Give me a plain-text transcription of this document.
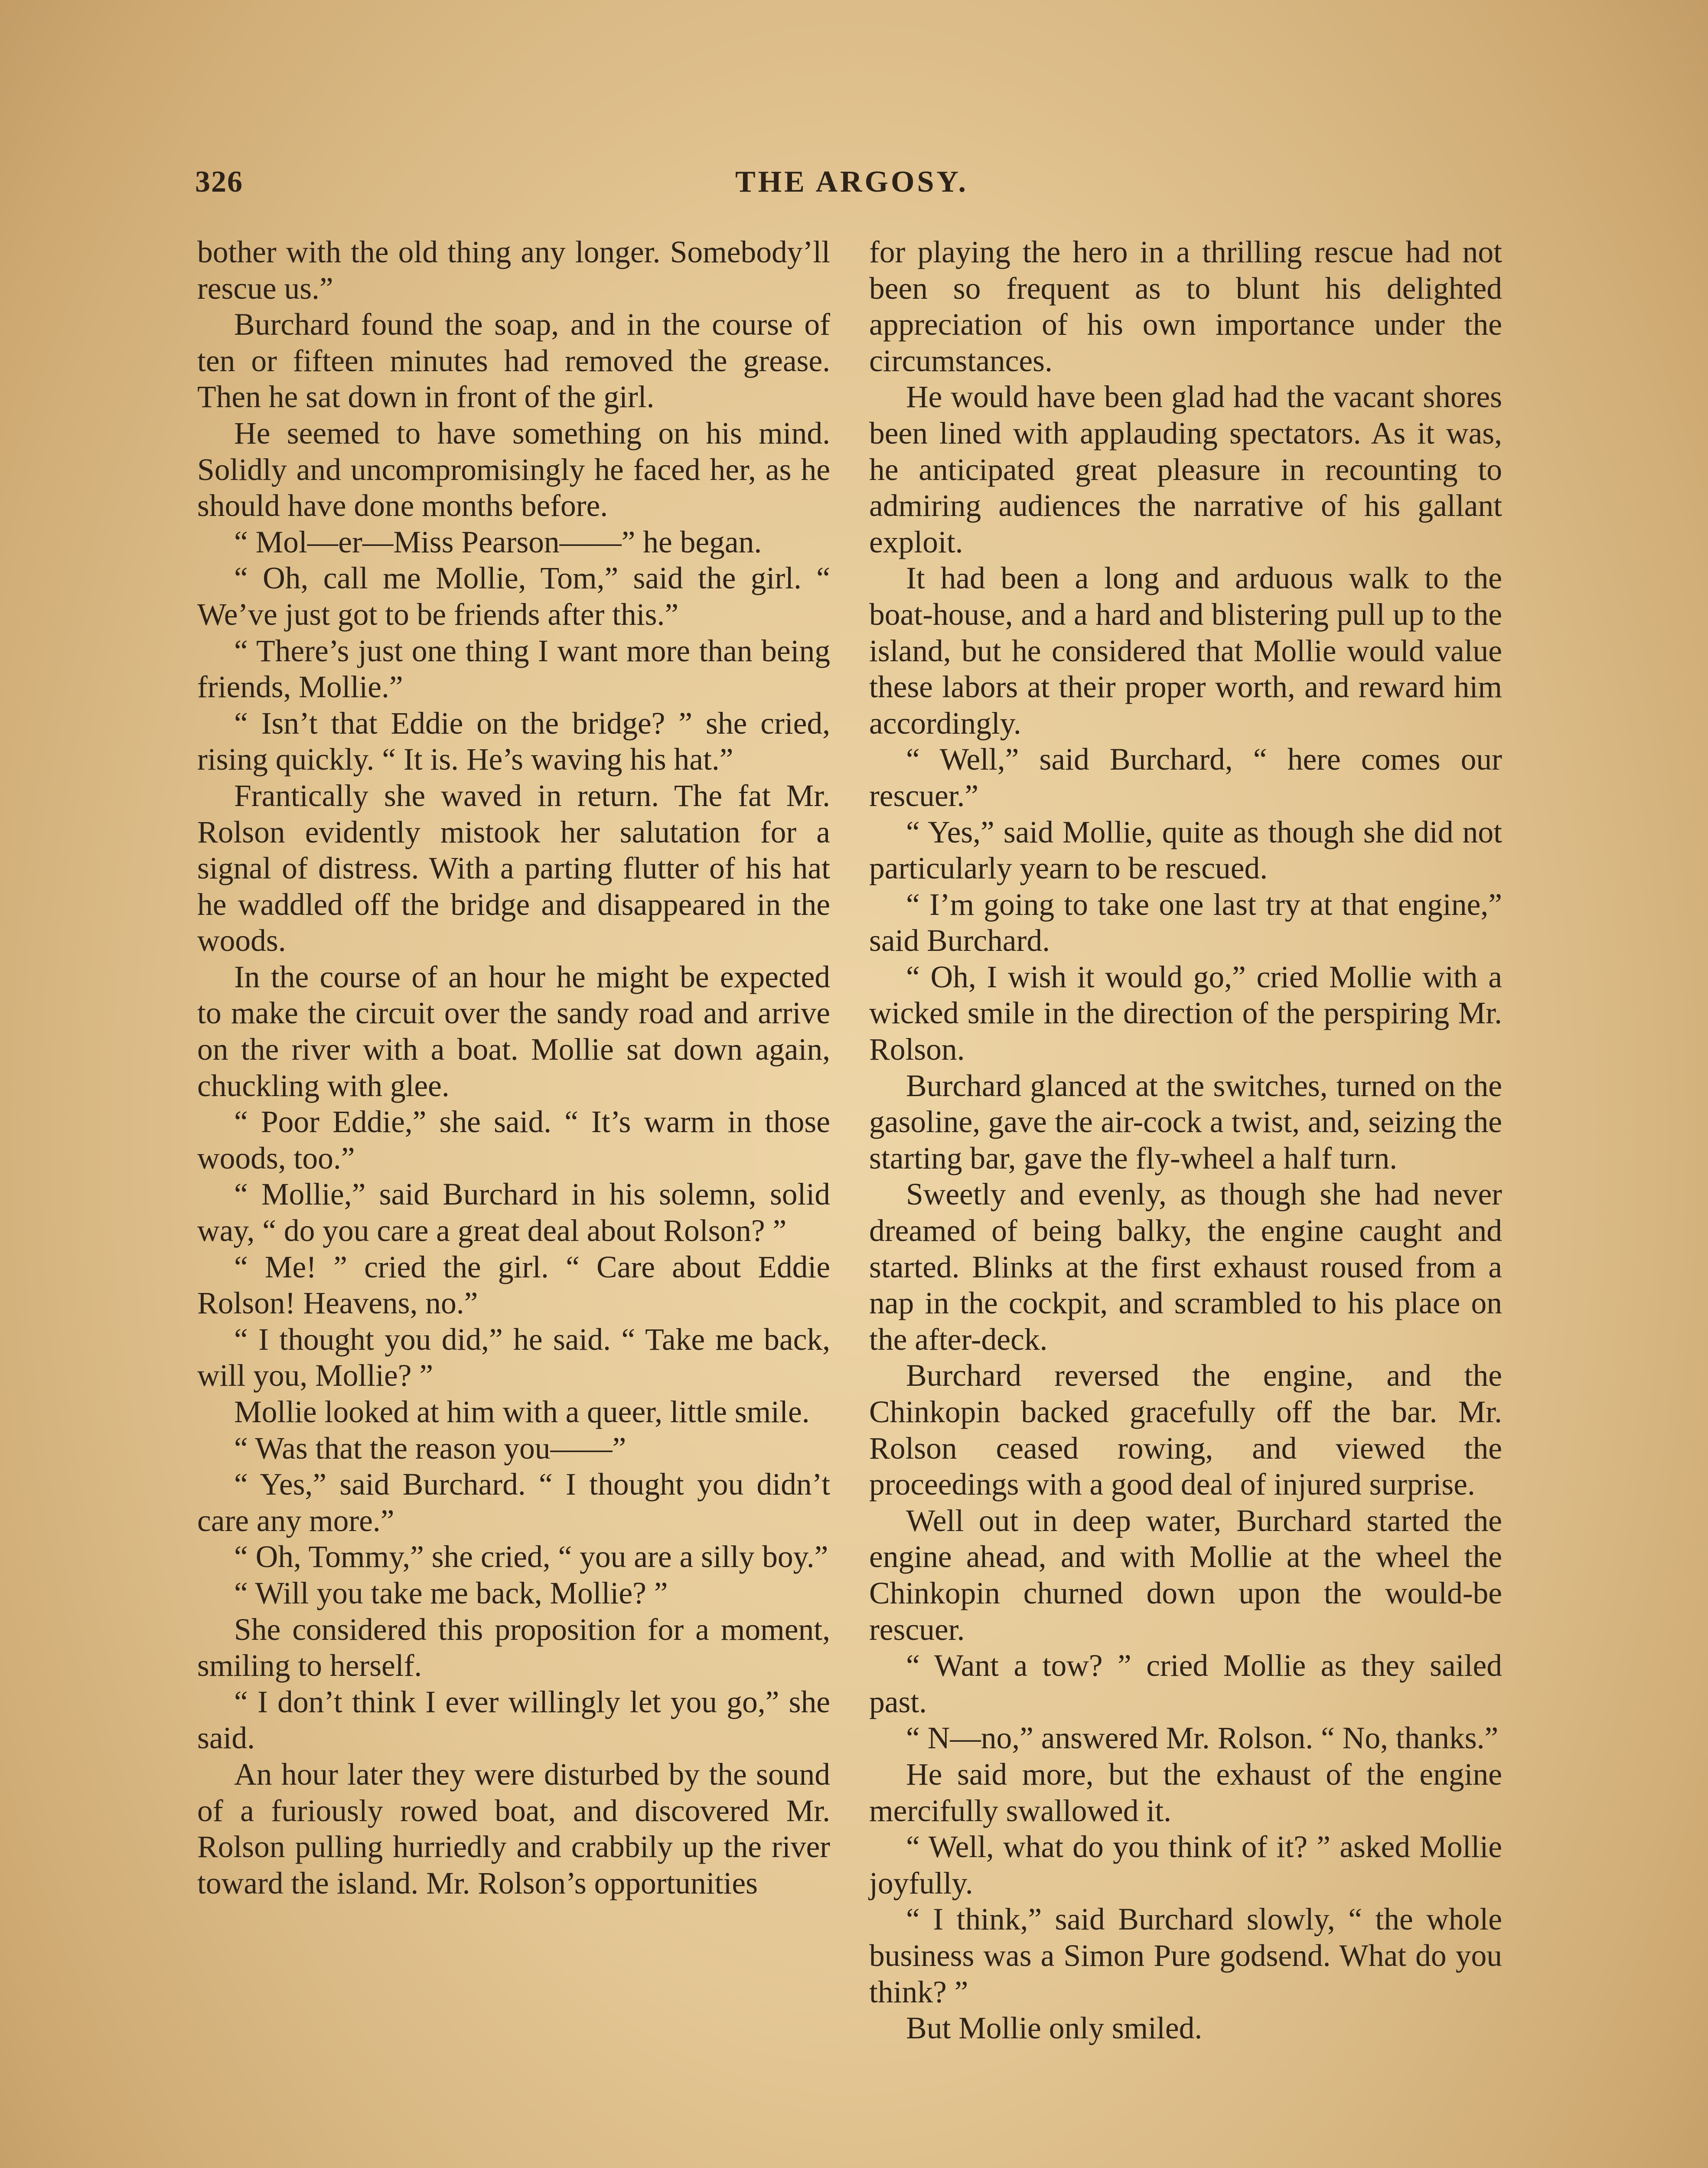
THE ARGOSY.
326

bother with the old thing any longer. Somebody’ll rescue us.”

Burchard found the soap, and in the course of ten or fifteen minutes had removed the grease. Then he sat down in front of the girl.

He seemed to have something on his mind. Solidly and uncompromisingly he faced her, as he should have done months before.

“ Mol—er—Miss Pearson——” he began.

“ Oh, call me Mollie, Tom,” said the girl. “ We’ve just got to be friends after this.”

“ There’s just one thing I want more than being friends, Mollie.”

“ Isn’t that Eddie on the bridge? ” she cried, rising quickly. “ It is. He’s waving his hat.”

Frantically she waved in return. The fat Mr. Rolson evidently mistook her salutation for a signal of distress. With a parting flutter of his hat he waddled off the bridge and disappeared in the woods.

In the course of an hour he might be expected to make the circuit over the sandy road and arrive on the river with a boat. Mollie sat down again, chuckling with glee.

“ Poor Eddie,” she said. “ It’s warm in those woods, too.”

“ Mollie,” said Burchard in his solemn, solid way, “ do you care a great deal about Rolson? ”

“ Me! ” cried the girl. “ Care about Eddie Rolson! Heavens, no.”

“ I thought you did,” he said. “ Take me back, will you, Mollie? ”

Mollie looked at him with a queer, little smile.

“ Was that the reason you——”

“ Yes,” said Burchard. “ I thought you didn’t care any more.”

“ Oh, Tommy,” she cried, “ you are a silly boy.”

“ Will you take me back, Mollie? ”

She considered this proposition for a moment, smiling to herself.

“ I don’t think I ever willingly let you go,” she said.

An hour later they were disturbed by the sound of a furiously rowed boat, and discovered Mr. Rolson pulling hurriedly and crabbily up the river toward the island. Mr. Rolson’s opportunities

for playing the hero in a thrilling rescue had not been so frequent as to blunt his delighted appreciation of his own importance under the circumstances.

He would have been glad had the vacant shores been lined with applauding spectators. As it was, he anticipated great pleasure in recounting to admiring audiences the narrative of his gallant exploit.

It had been a long and arduous walk to the boat-house, and a hard and blistering pull up to the island, but he considered that Mollie would value these labors at their proper worth, and reward him accordingly.

“ Well,” said Burchard, “ here comes our rescuer.”

“ Yes,” said Mollie, quite as though she did not particularly yearn to be rescued.

“ I’m going to take one last try at that engine,” said Burchard.

“ Oh, I wish it would go,” cried Mollie with a wicked smile in the direction of the perspiring Mr. Rolson.

Burchard glanced at the switches, turned on the gasoline, gave the air-cock a twist, and, seizing the starting bar, gave the fly-wheel a half turn.

Sweetly and evenly, as though she had never dreamed of being balky, the engine caught and started. Blinks at the first exhaust roused from a nap in the cockpit, and scrambled to his place on the after-deck.

Burchard reversed the engine, and the Chinkopin backed gracefully off the bar. Mr. Rolson ceased rowing, and viewed the proceedings with a good deal of injured surprise.

Well out in deep water, Burchard started the engine ahead, and with Mollie at the wheel the Chinkopin churned down upon the would-be rescuer.

“ Want a tow? ” cried Mollie as they sailed past.

“ N—no,” answered Mr. Rolson. “ No, thanks.”

He said more, but the exhaust of the engine mercifully swallowed it.

“ Well, what do you think of it? ” asked Mollie joyfully.

“ I think,” said Burchard slowly, “ the whole business was a Simon Pure godsend. What do you think? ”

But Mollie only smiled.
